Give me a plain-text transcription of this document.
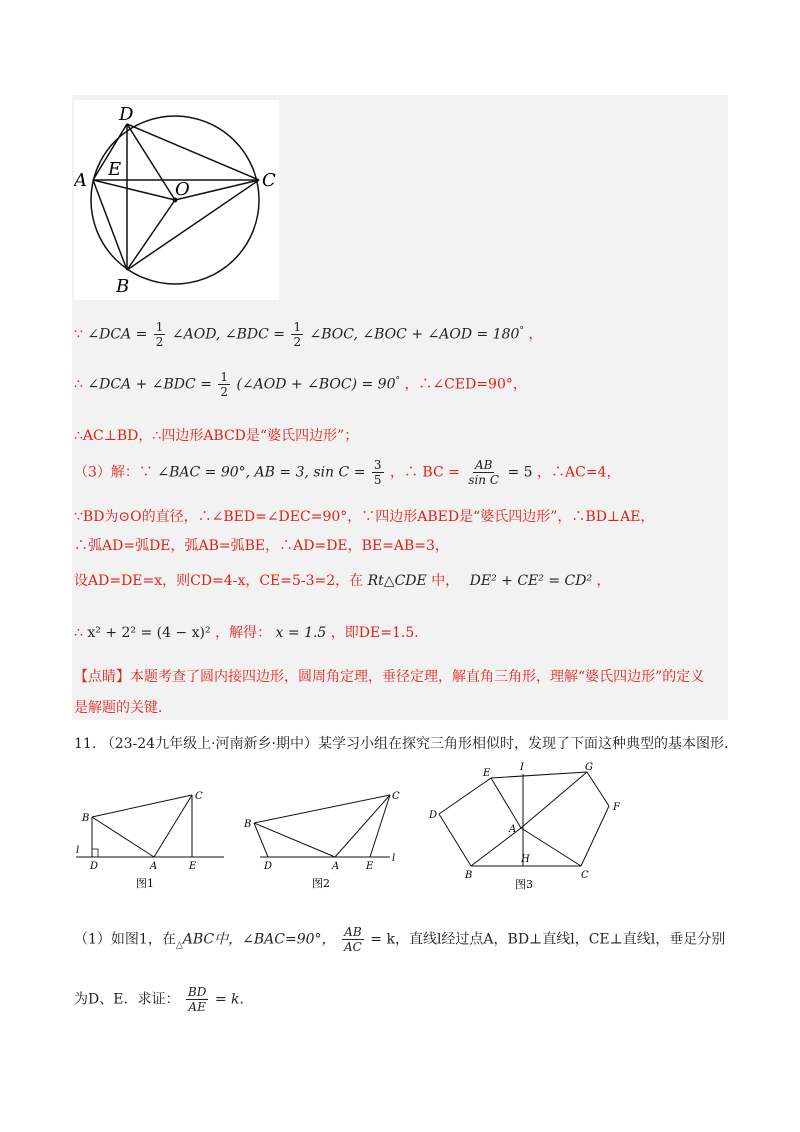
D
A
E
O	C
B
∵ ∠DCA = $\frac{1}{2}$ ∠AOD, ∠BDC = $\frac{1}{2}$ ∠BOC, ∠BOC + ∠AOD = 180° ，
∴ ∠DCA + ∠BDC = $\frac{1}{2}$ (∠AOD + ∠BOC) = 90° ，∴∠CED=90°，
∴AC⊥BD，∴四边形ABCD是“婆氏四边形”；
（3）解：∵ ∠BAC = 90°, AB = 3, $\sin C = \frac{3}{5}$ ，∴ BC = $\frac{AB}{\text{sin C}} = 5$ ，∴AC=4，
∵BD为⊙O的直径，∴∠BED=∠DEC=90°，∵四边形ABED是“婆氏四边形”，∴BD⊥AE，
∴弧AD=弧DE，弧AB=弧BE，∴AD=DE，BE=AB=3，
设AD=DE=x，则CD=4-x，CE=5-3=2，在 Rt△CDE 中， DE² + CE² = CD² ，
∴ x² + 2² = (4 − x)² ，解得： x = 1.5 ，即DE=1.5．
【点睛】本题考查了圆内接四边形，圆周角定理，垂径定理，解直角三角形，理解“婆氏四边形”的定义
是解题的关键．
11. （23-24九年级上·河南新乡·期中）某学习小组在探究三角形相似时，发现了下面这种典型的基本图形．
B
C
D	A	E
l
图1
B
C
D	A	E
l
图2
E
I	G
D
F
A
H
B	C
图3
（1）如图1，在$_\triangle$ABC中，∠BAC=90°， $\frac{AB}{AC} = k$，直线l经过点A，BD⊥直线l，CE⊥直线l，垂足分别
为D、E．求证： $\frac{BD}{AE} = k$.
